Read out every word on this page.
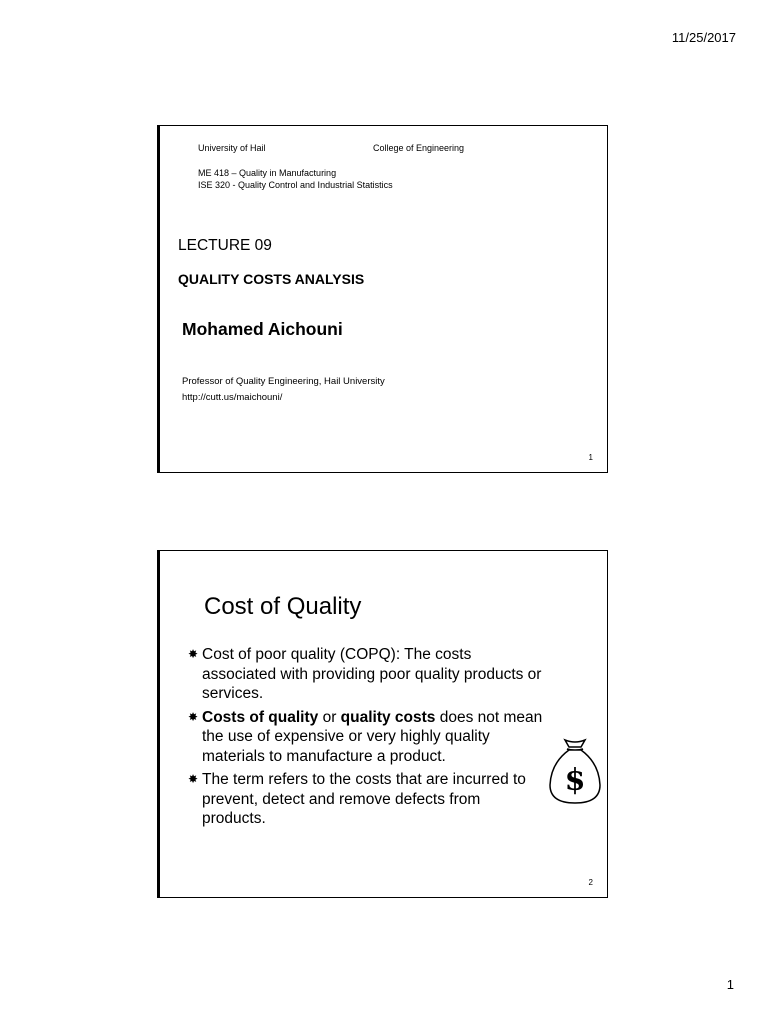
11/25/2017
University of Hail	College of Engineering
ME 418 – Quality in Manufacturing
ISE 320 - Quality Control and Industrial Statistics
LECTURE 09
QUALITY COSTS ANALYSIS
Mohamed Aichouni
Professor of Quality Engineering, Hail University
http://cutt.us/maichouni/
1
Cost of Quality
✸ Cost of poor quality (COPQ): The costs associated with providing poor quality products or services.
✸ Costs of quality or quality costs does not mean the use of expensive or very highly quality materials to manufacture a product.
✸ The term refers to the costs that are incurred to prevent, detect and remove defects from products.
$
2
1
